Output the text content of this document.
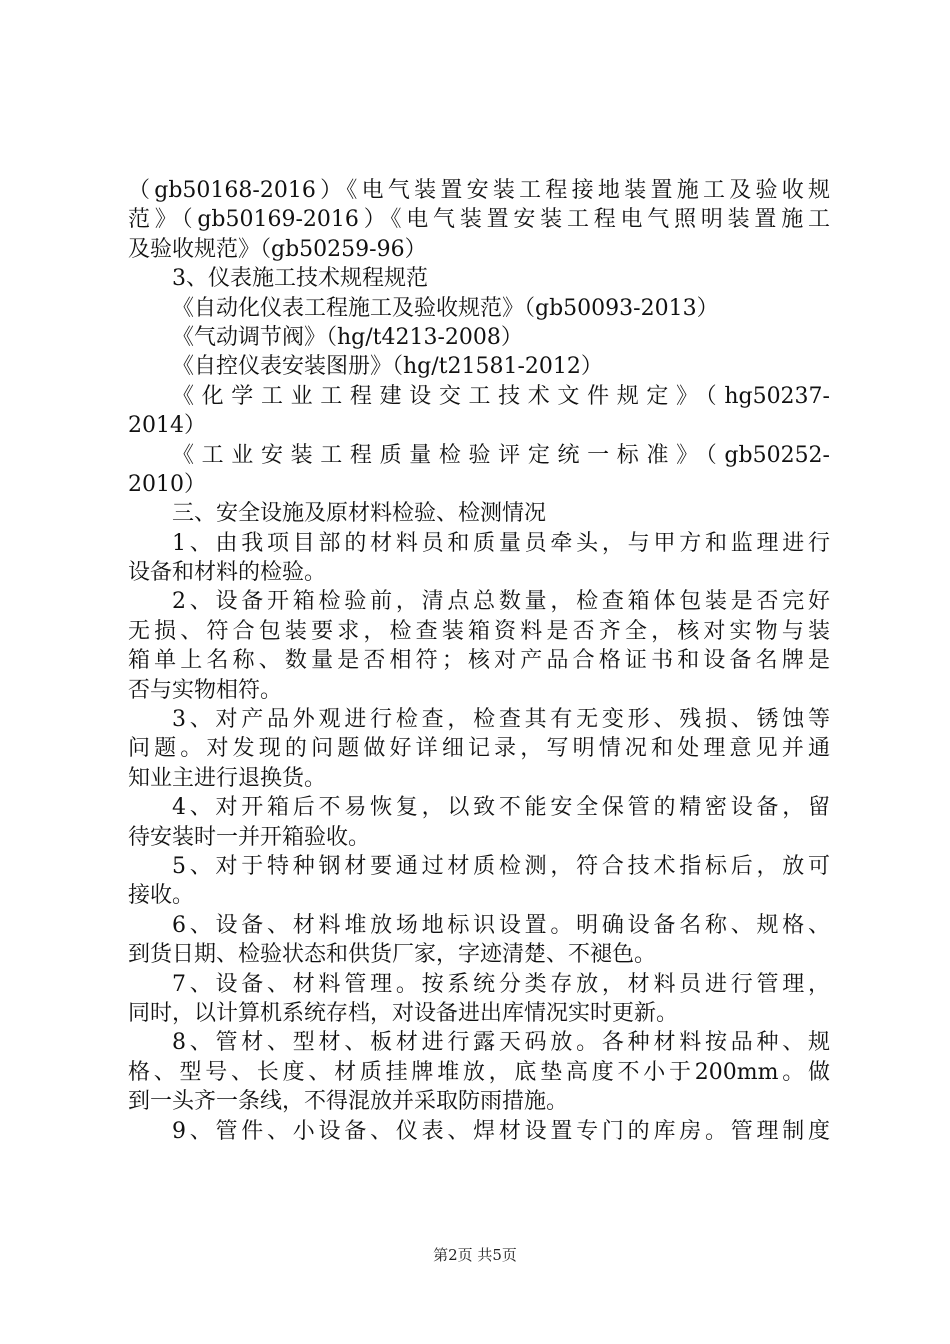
（gb50168-2016）《电气装置安装工程接地装置施工及验收规
范》（gb50169-2016）《电气装置安装工程电气照明装置施工
及验收规范》（gb50259-96）
3、仪表施工技术规程规范
《自动化仪表工程施工及验收规范》（gb50093-2013）
《气动调节阀》（hg/t4213-2008）
《自控仪表安装图册》（hg/t21581-2012）
《化学工业工程建设交工技术文件规定》（hg50237-
2014）
《工业安装工程质量检验评定统一标准》（gb50252-
2010）
三、安全设施及原材料检验、检测情况
1、由我项目部的材料员和质量员牵头，与甲方和监理进行
设备和材料的检验。
2、设备开箱检验前，清点总数量，检查箱体包装是否完好
无损、符合包装要求，检查装箱资料是否齐全，核对实物与装
箱单上名称、数量是否相符；核对产品合格证书和设备名牌是
否与实物相符。
3、对产品外观进行检查，检查其有无变形、残损、锈蚀等
问题。对发现的问题做好详细记录，写明情况和处理意见并通
知业主进行退换货。
4、对开箱后不易恢复，以致不能安全保管的精密设备，留
待安装时一并开箱验收。
5、对于特种钢材要通过材质检测，符合技术指标后，放可
接收。
6、设备、材料堆放场地标识设置。明确设备名称、规格、
到货日期、检验状态和供货厂家，字迹清楚、不褪色。
7、设备、材料管理。按系统分类存放，材料员进行管理，
同时，以计算机系统存档，对设备进出库情况实时更新。
8、管材、型材、板材进行露天码放。各种材料按品种、规
格、型号、长度、材质挂牌堆放，底垫高度不小于200mm。做
到一头齐一条线，不得混放并采取防雨措施。
9、管件、小设备、仪表、焊材设置专门的库房。管理制度
第2页 共5页
